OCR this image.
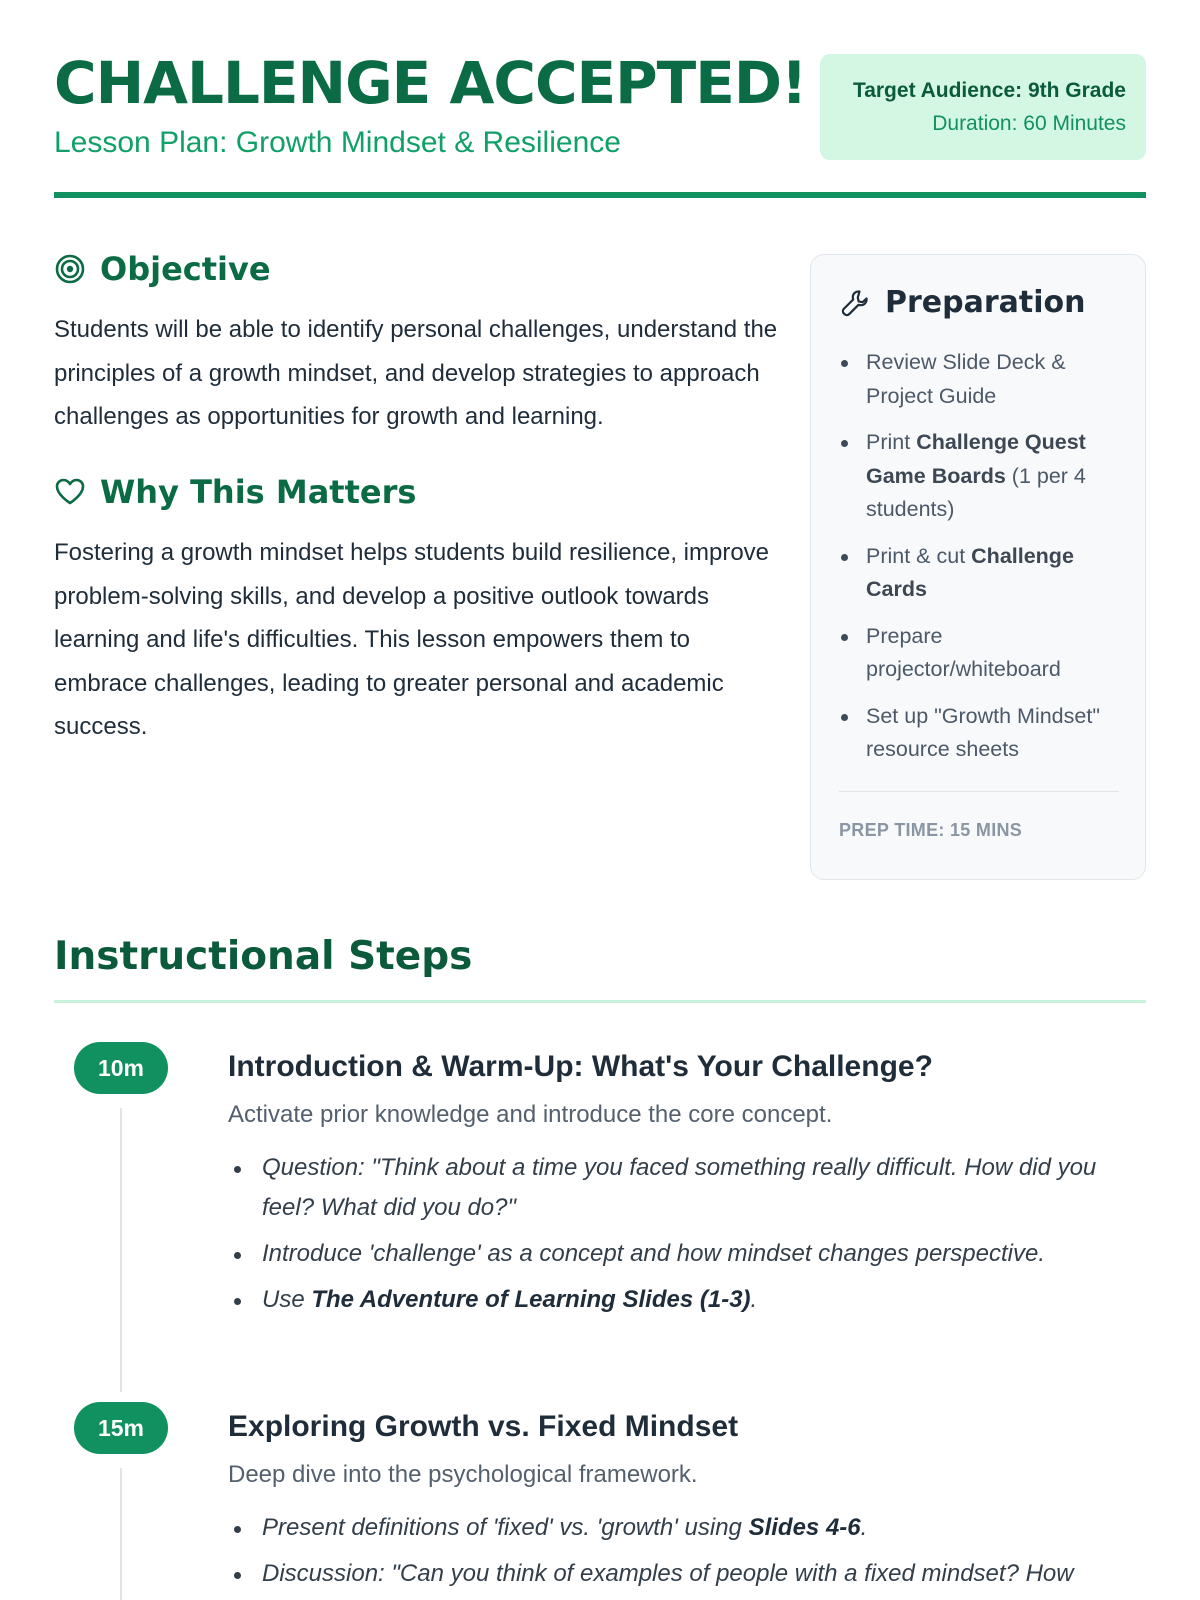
CHALLENGE ACCEPTED!
Lesson Plan: Growth Mindset & Resilience
Target Audience: 9th Grade
Duration: 60 Minutes
Objective

Students will be able to identify personal challenges, understand the principles of a growth mindset, and develop strategies to approach challenges as opportunities for growth and learning.

Why This Matters

Fostering a growth mindset helps students build resilience, improve problem-solving skills, and develop a positive outlook towards learning and life's difficulties. This lesson empowers them to embrace challenges, leading to greater personal and academic success.

Preparation
Review Slide Deck & Project Guide
Print Challenge Quest Game Boards (1 per 4 students)
Print & cut Challenge Cards
Prepare projector/whiteboard
Set up "Growth Mindset" resource sheets
PREP TIME: 15 MINS
Instructional Steps
10m	Introduction & Warm-Up: What's Your Challenge?
Activate prior knowledge and introduce the core concept.
Question: "Think about a time you faced something really difficult. How did you feel? What did you do?"
Introduce 'challenge' as a concept and how mindset changes perspective.
Use The Adventure of Learning Slides (1-3).
15m	Exploring Growth vs. Fixed Mindset
Deep dive into the psychological framework.
Present definitions of 'fixed' vs. 'growth' using Slides 4-6.
Discussion: "Can you think of examples of people with a fixed mindset? How
